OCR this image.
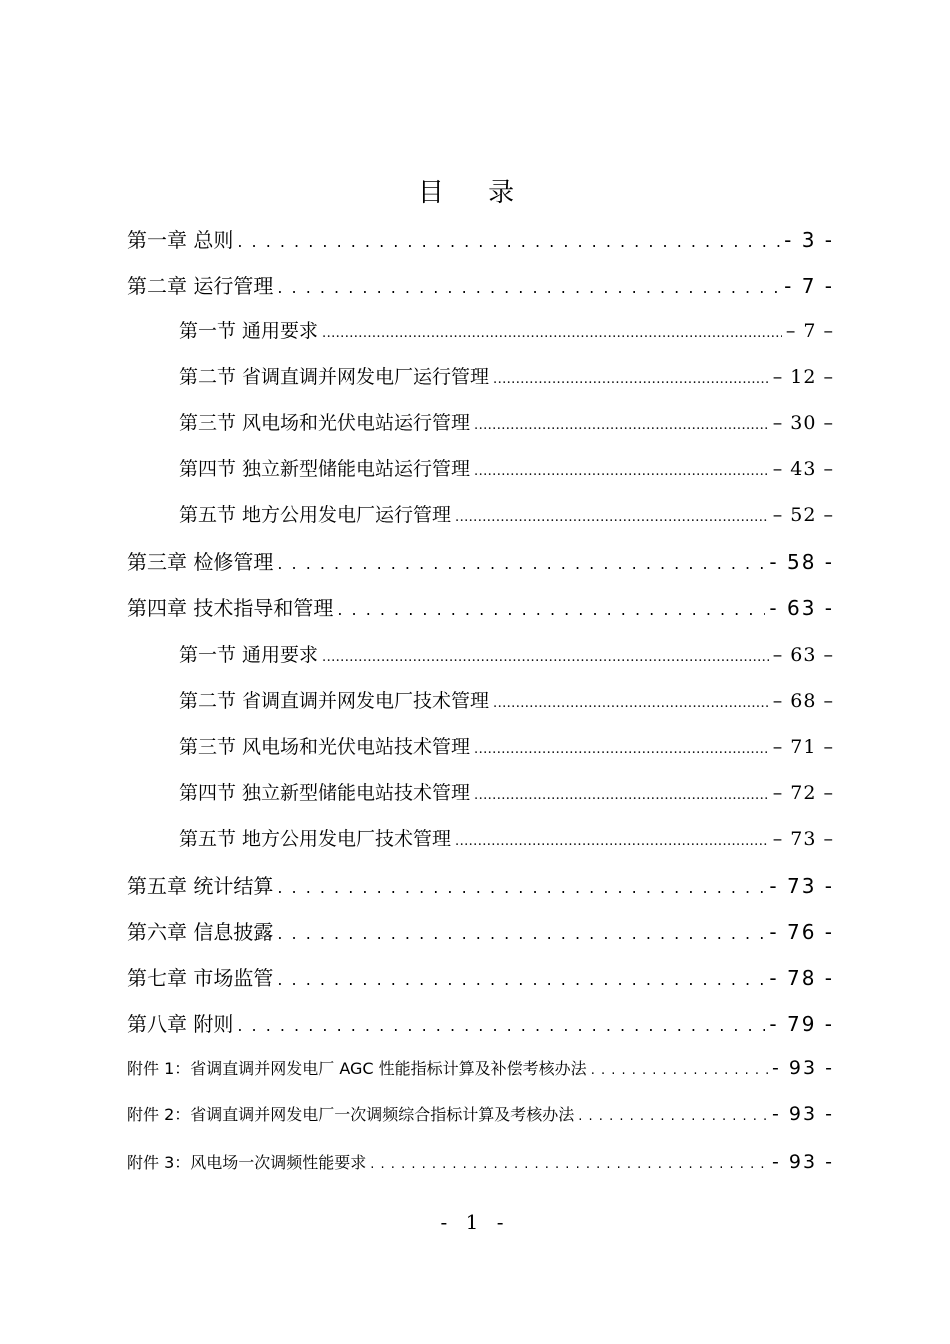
目 录
第一章 总则 . . .	- 3 -
第二章 运行管理 . . .	- 7 -
第一节 通用要求 .....	– 7 –
第二节 省调直调并网发电厂运行管理 .....	– 12 –
第三节 风电场和光伏电站运行管理 .....	– 30 –
第四节 独立新型储能电站运行管理 .....	– 43 –
第五节 地方公用发电厂运行管理 .....	– 52 –
第三章 检修管理 . . .	- 58 -
第四章 技术指导和管理 . . .	- 63 -
第一节 通用要求 .....	– 63 –
第二节 省调直调并网发电厂技术管理 .....	– 68 –
第三节 风电场和光伏电站技术管理 .....	– 71 –
第四节 独立新型储能电站技术管理 .....	– 72 –
第五节 地方公用发电厂技术管理 .....	– 73 –
第五章 统计结算 . . .	- 73 -
第六章 信息披露 . . .	- 76 -
第七章 市场监管 . . .	- 78 -
第八章 附则 . . .	- 79 -
附件 1：省调直调并网发电厂 AGC 性能指标计算及补偿考核办法 . . .	- 93 -
附件 2：省调直调并网发电厂一次调频综合指标计算及考核办法 . . .	- 93 -
附件 3：风电场一次调频性能要求 . . .	- 93 -
- 1 -
